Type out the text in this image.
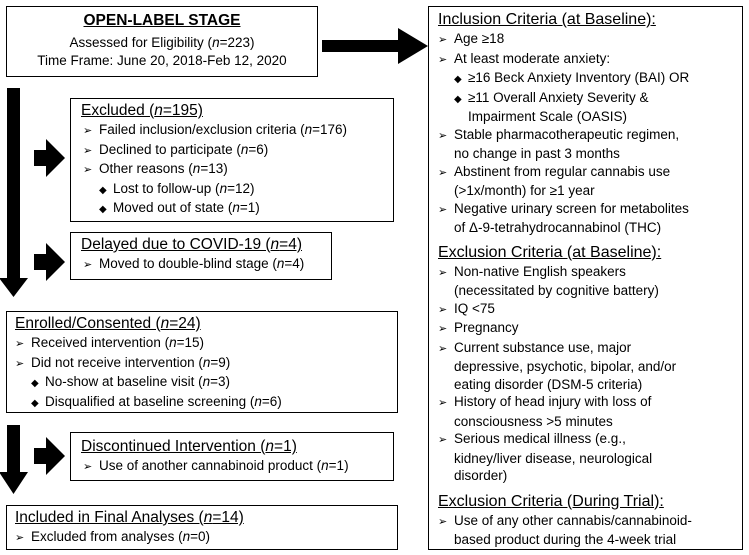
OPEN-LABEL STAGE
Assessed for Eligibility (n=223)
Time Frame: June 20, 2018-Feb 12, 2020
Excluded (n=195)
➢ Failed inclusion/exclusion criteria (n=176)
➢ Declined to participate (n=6)
➢ Other reasons (n=13)
◆ Lost to follow-up (n=12)
◆ Moved out of state (n=1)
Delayed due to COVID-19 (n=4)
➢ Moved to double-blind stage (n=4)
Enrolled/Consented (n=24)
➢ Received intervention (n=15)
➢ Did not receive intervention (n=9)
◆ No-show at baseline visit (n=3)
◆ Disqualified at baseline screening (n=6)
Discontinued Intervention (n=1)
➢ Use of another cannabinoid product (n=1)
Included in Final Analyses (n=14)
➢ Excluded from analyses (n=0)
Inclusion Criteria (at Baseline):
➢ Age ≥18
➢ At least moderate anxiety:
◆ ≥16 Beck Anxiety Inventory (BAI) OR
◆ ≥11 Overall Anxiety Severity &
Impairment Scale (OASIS)
➢ Stable pharmacotherapeutic regimen,
no change in past 3 months
➢ Abstinent from regular cannabis use
(>1x/month) for ≥1 year
➢ Negative urinary screen for metabolites
of Δ-9-tetrahydrocannabinol (THC)
Exclusion Criteria (at Baseline):
➢ Non-native English speakers
(necessitated by cognitive battery)
➢ IQ <75
➢ Pregnancy
➢ Current substance use, major
depressive, psychotic, bipolar, and/or
eating disorder (DSM-5 criteria)
➢ History of head injury with loss of
consciousness >5 minutes
➢ Serious medical illness (e.g.,
kidney/liver disease, neurological
disorder)
Exclusion Criteria (During Trial):
➢ Use of any other cannabis/cannabinoid-
based product during the 4-week trial
